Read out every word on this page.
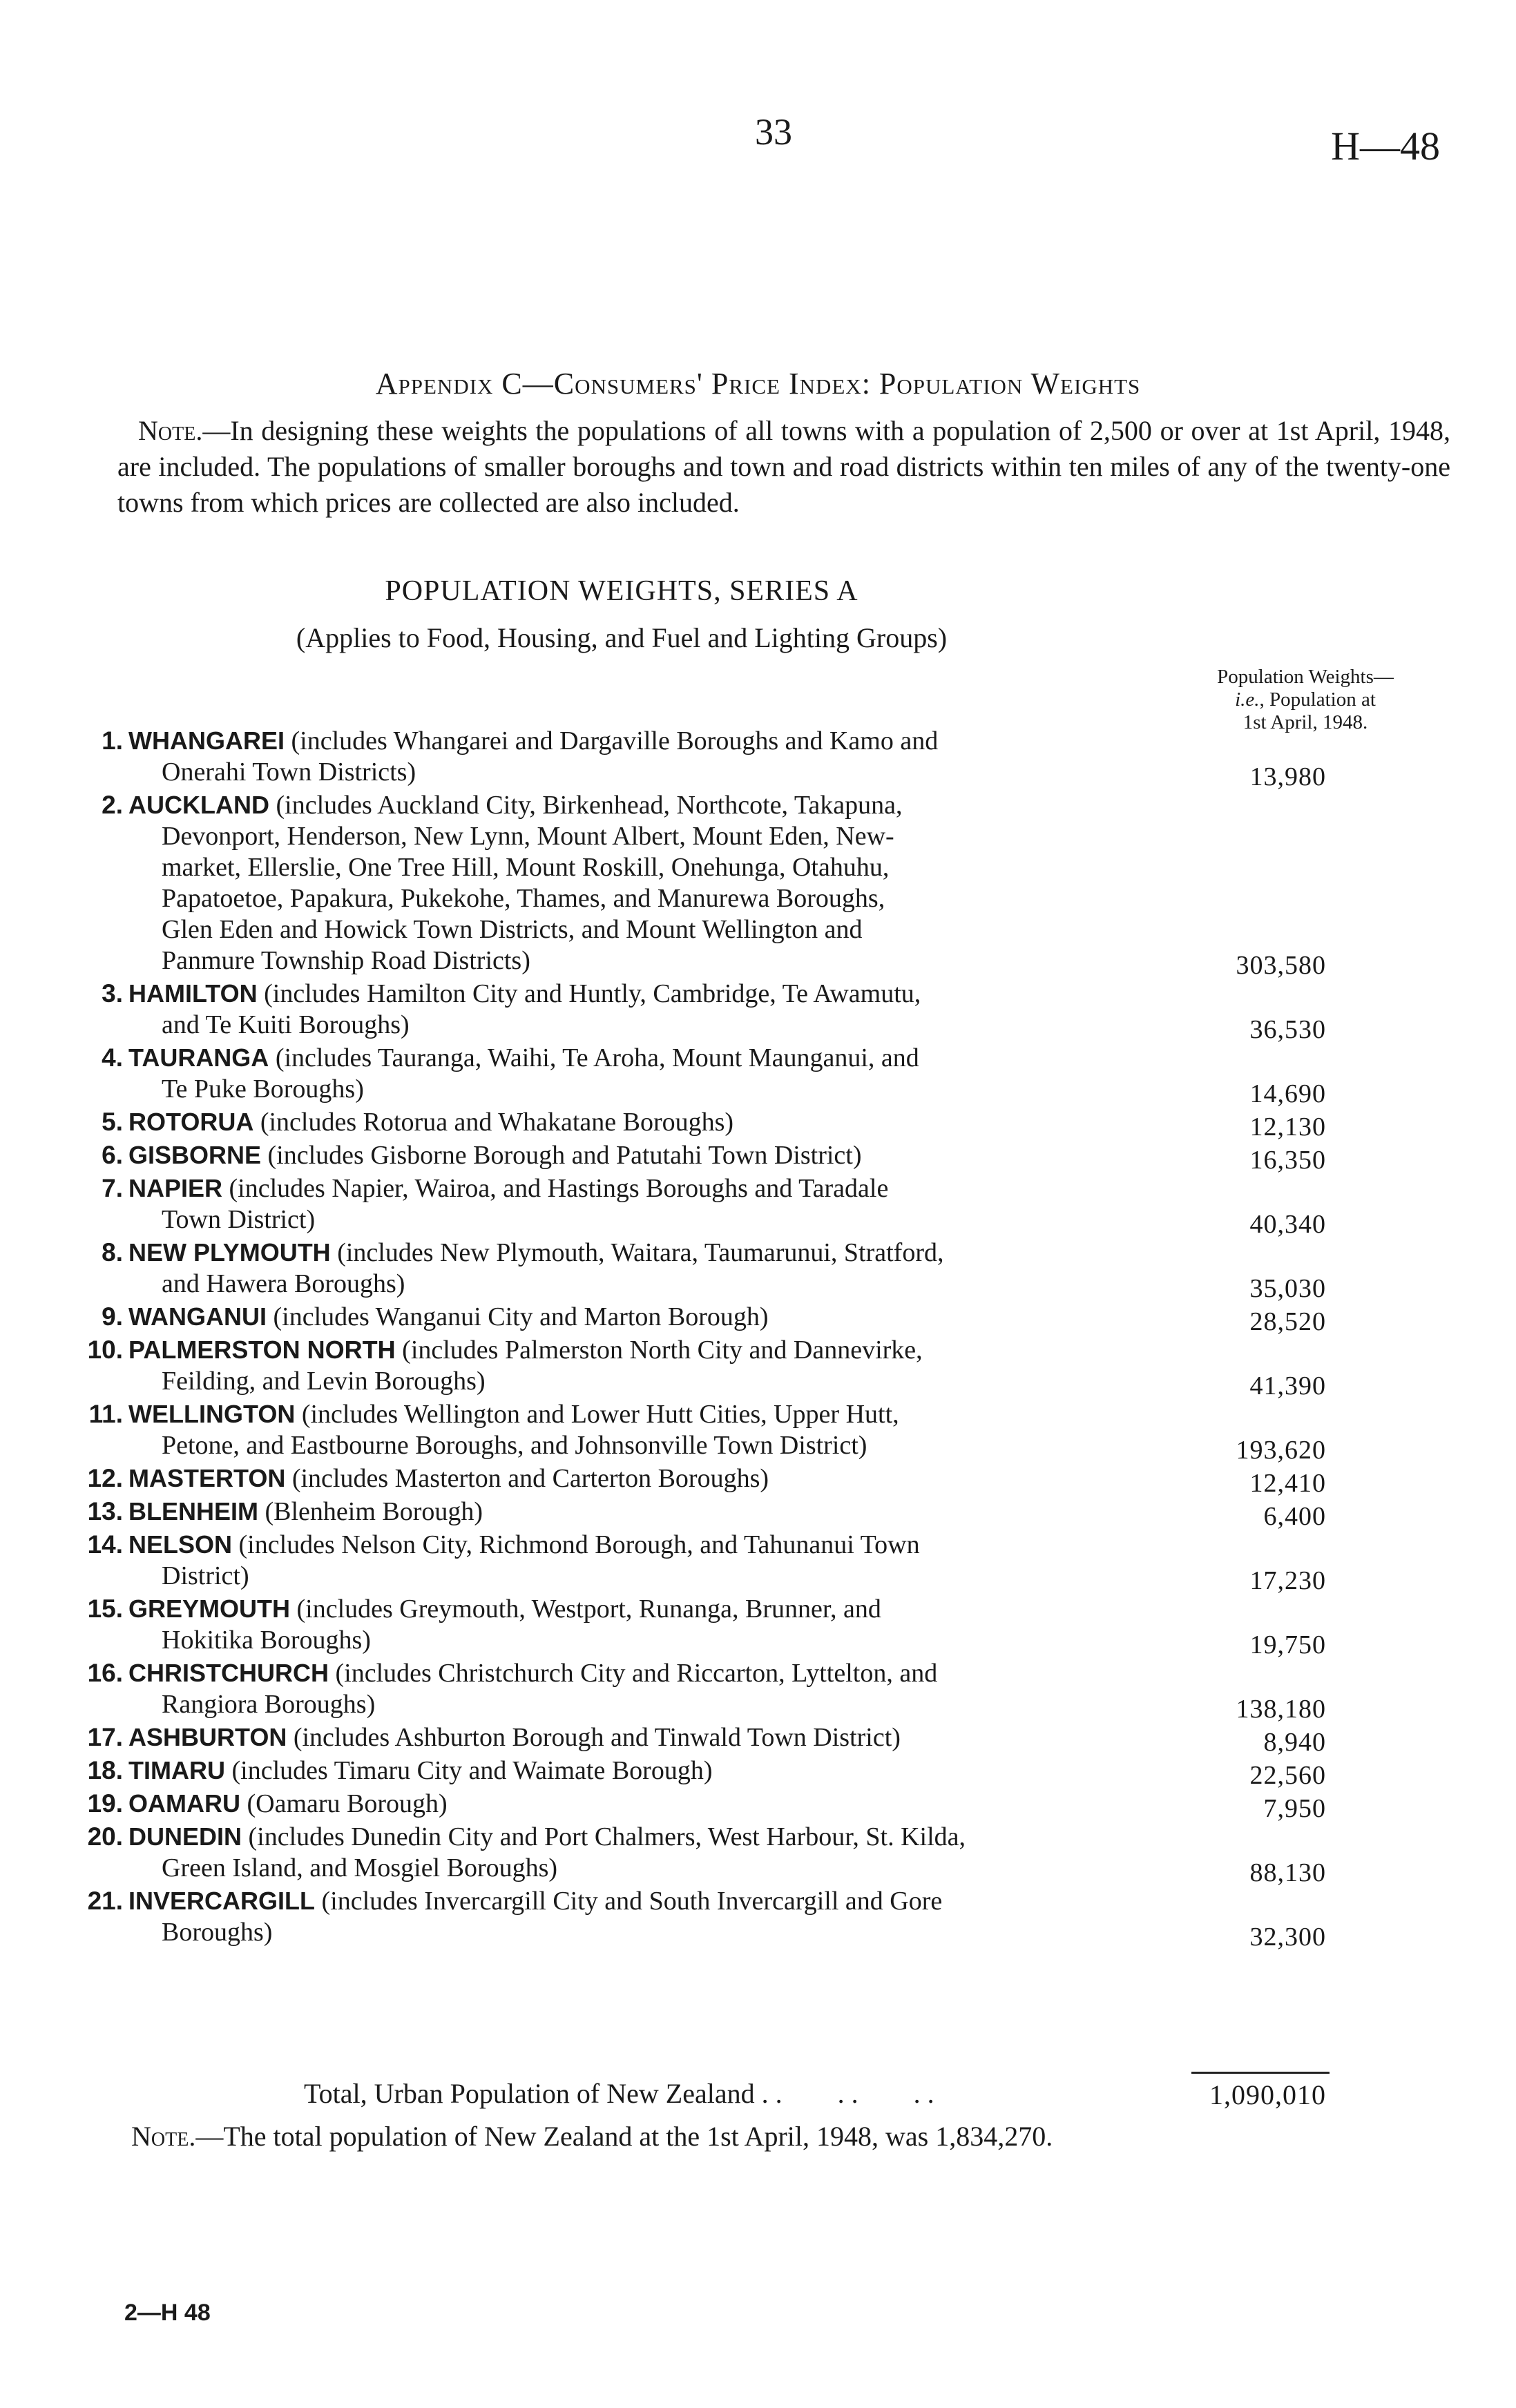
33	H—48
Appendix C—Consumers' Price Index: Population Weights
Note.—In designing these weights the populations of all towns with a population of 2,500 or over at 1st April, 1948, are included. The populations of smaller boroughs and town and road districts within ten miles of any of the twenty-one towns from which prices are collected are also included.
POPULATION WEIGHTS, SERIES A
(Applies to Food, Housing, and Fuel and Lighting Groups)
Population Weights—
i.e., Population at
1st April, 1948.
1. WHANGAREI (includes Whangarei and Dargaville Boroughs and Kamo and
Onerahi Town Districts)	13,980
2. AUCKLAND (includes Auckland City, Birkenhead, Northcote, Takapuna,
Devonport, Henderson, New Lynn, Mount Albert, Mount Eden, New-
market, Ellerslie, One Tree Hill, Mount Roskill, Onehunga, Otahuhu,
Papatoetoe, Papakura, Pukekohe, Thames, and Manurewa Boroughs,
Glen Eden and Howick Town Districts, and Mount Wellington and
Panmure Township Road Districts)	303,580
3. HAMILTON (includes Hamilton City and Huntly, Cambridge, Te Awamutu,
and Te Kuiti Boroughs)	36,530
4. TAURANGA (includes Tauranga, Waihi, Te Aroha, Mount Maunganui, and
Te Puke Boroughs)	14,690
5. ROTORUA (includes Rotorua and Whakatane Boroughs)	12,130
6. GISBORNE (includes Gisborne Borough and Patutahi Town District)	16,350
7. NAPIER (includes Napier, Wairoa, and Hastings Boroughs and Taradale
Town District)	40,340
8. NEW PLYMOUTH (includes New Plymouth, Waitara, Taumarunui, Stratford,
and Hawera Boroughs)	35,030
9. WANGANUI (includes Wanganui City and Marton Borough)	28,520
10. PALMERSTON NORTH (includes Palmerston North City and Dannevirke,
Feilding, and Levin Boroughs)	41,390
11. WELLINGTON (includes Wellington and Lower Hutt Cities, Upper Hutt,
Petone, and Eastbourne Boroughs, and Johnsonville Town District)	193,620
12. MASTERTON (includes Masterton and Carterton Boroughs)	12,410
13. BLENHEIM (Blenheim Borough)	6,400
14. NELSON (includes Nelson City, Richmond Borough, and Tahunanui Town
District)	17,230
15. GREYMOUTH (includes Greymouth, Westport, Runanga, Brunner, and
Hokitika Boroughs)	19,750
16. CHRISTCHURCH (includes Christchurch City and Riccarton, Lyttelton, and
Rangiora Boroughs)	138,180
17. ASHBURTON (includes Ashburton Borough and Tinwald Town District)	8,940
18. TIMARU (includes Timaru City and Waimate Borough)	22,560
19. OAMARU (Oamaru Borough)	7,950
20. DUNEDIN (includes Dunedin City and Port Chalmers, West Harbour, St. Kilda,
Green Island, and Mosgiel Boroughs)	88,130
21. INVERCARGILL (includes Invercargill City and South Invercargill and Gore
Boroughs)	32,300
Total, Urban Population of New Zealand . .        . .        . .	1,090,010
Note.—The total population of New Zealand at the 1st April, 1948, was 1,834,270.
2—H 48
